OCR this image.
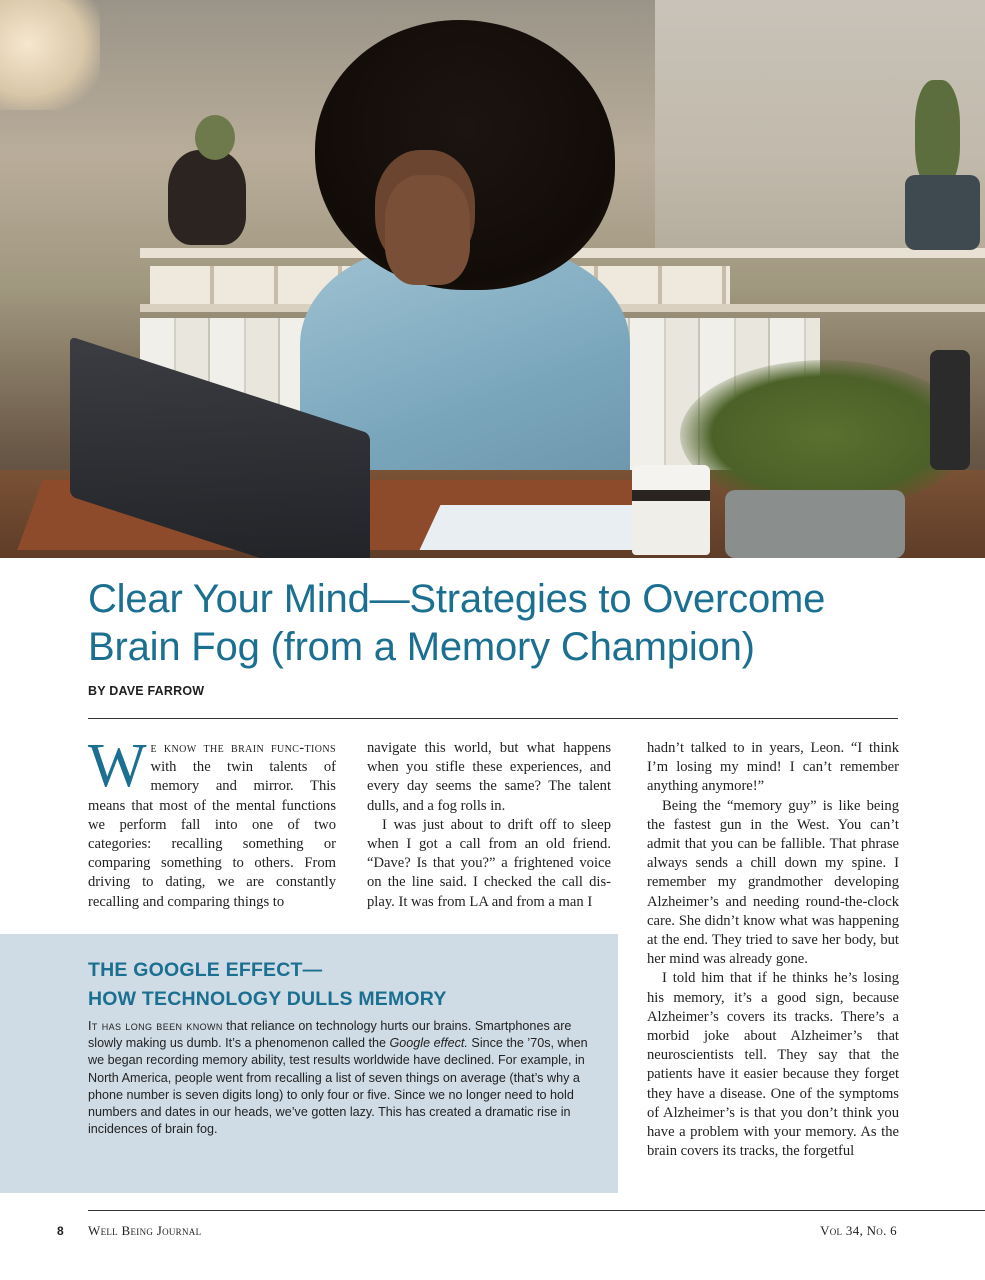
Clear Your Mind—Strategies to Overcome Brain Fog (from a Memory Champion)
BY DAVE FARROW

We know the brain func-tions with the twin talents of memory and mirror. This means that most of the mental functions we perform fall into one of two categories: recalling something or comparing something to others. From driving to dating, we are constantly recalling and comparing things to

navigate this world, but what happens when you stifle these experiences, and every day seems the same? The talent dulls, and a fog rolls in.

I was just about to drift off to sleep when I got a call from an old friend. “Dave? Is that you?” a frightened voice on the line said. I checked the call dis-play. It was from LA and from a man I

hadn’t talked to in years, Leon. “I think I’m losing my mind! I can’t remember anything anymore!”

Being the “memory guy” is like being the fastest gun in the West. You can’t admit that you can be fallible. That phrase always sends a chill down my spine. I remember my grandmother developing Alzheimer’s and needing round-the-clock care. She didn’t know what was happening at the end. They tried to save her body, but her mind was already gone.

I told him that if he thinks he’s losing his memory, it’s a good sign, because Alzheimer’s covers its tracks. There’s a morbid joke about Alzheimer’s that neuroscientists tell. They say that the patients have it easier because they forget they have a disease. One of the symptoms of Alzheimer’s is that you don’t think you have a problem with your memory. As the brain covers its tracks, the forgetful

THE GOOGLE EFFECT—
HOW TECHNOLOGY DULLS MEMORY

It has long been known that reliance on technology hurts our brains. Smartphones are slowly making us dumb. It’s a phenomenon called the Google effect. Since the ’70s, when we began recording memory ability, test results worldwide have declined. For example, in North America, people went from recalling a list of seven things on average (that’s why a phone number is seven digits long) to only four or five. Since we no longer need to hold numbers and dates in our heads, we’ve gotten lazy. This has created a dramatic rise in incidences of brain fog.

8 Well Being Journal	Vol 34, No. 6
